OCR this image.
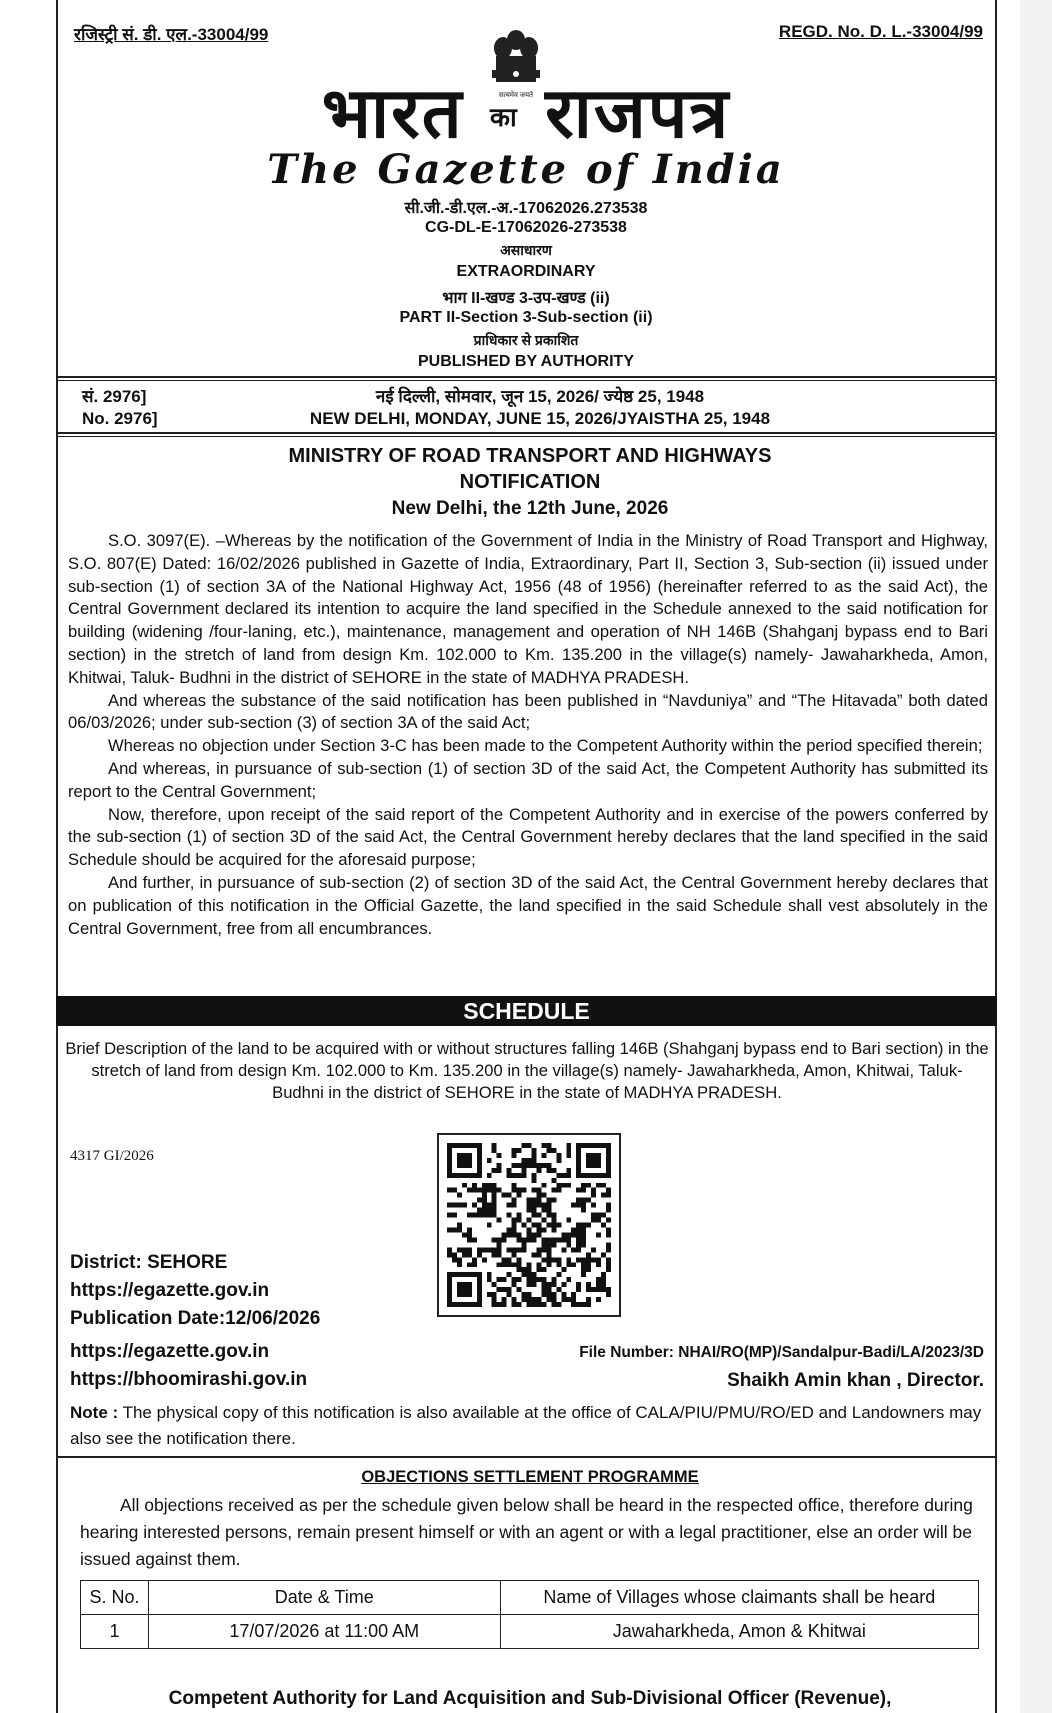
रजिस्ट्री सं. डी. एल.-33004/99	REGD. No. D. L.-33004/99
सत्यमेव जयते
भारत का राजपत्र
The Gazette of India
सी.जी.-डी.एल.-अ.-17062026.273538
CG-DL-E-17062026-273538
असाधारण
EXTRAORDINARY
भाग II-खण्ड 3-उप-खण्ड (ii)
PART II-Section 3-Sub-section (ii)
प्राधिकार से प्रकाशित
PUBLISHED BY AUTHORITY
सं. 2976]
No. 2976]
नई दिल्ली, सोमवार, जून 15, 2026/ ज्येष्ठ 25, 1948
NEW DELHI, MONDAY, JUNE 15, 2026/JYAISTHA 25, 1948
MINISTRY OF ROAD TRANSPORT AND HIGHWAYS
NOTIFICATION
New Delhi, the 12th June, 2026

S.O. 3097(E). –Whereas by the notification of the Government of India in the Ministry of Road Transport and Highway, S.O. 807(E) Dated: 16/02/2026 published in Gazette of India, Extraordinary, Part II, Section 3, Sub-section (ii) issued under sub-section (1) of section 3A of the National Highway Act, 1956 (48 of 1956) (hereinafter referred to as the said Act), the Central Government declared its intention to acquire the land specified in the Schedule annexed to the said notification for building (widening /four-laning, etc.), maintenance, management and operation of NH 146B (Shahganj bypass end to Bari section) in the stretch of land from design Km. 102.000 to Km. 135.200 in the village(s) namely- Jawaharkheda, Amon, Khitwai, Taluk- Budhni in the district of SEHORE in the state of MADHYA PRADESH.

And whereas the substance of the said notification has been published in “Navduniya” and “The Hitavada” both dated 06/03/2026; under sub-section (3) of section 3A of the said Act;

Whereas no objection under Section 3-C has been made to the Competent Authority within the period specified therein;

And whereas, in pursuance of sub-section (1) of section 3D of the said Act, the Competent Authority has submitted its report to the Central Government;

Now, therefore, upon receipt of the said report of the Competent Authority and in exercise of the powers conferred by the sub-section (1) of section 3D of the said Act, the Central Government hereby declares that the land specified in the said Schedule should be acquired for the aforesaid purpose;

And further, in pursuance of sub-section (2) of section 3D of the said Act, the Central Government hereby declares that on publication of this notification in the Official Gazette, the land specified in the said Schedule shall vest absolutely in the Central Government, free from all encumbrances.

SCHEDULE
Brief Description of the land to be acquired with or without structures falling 146B (Shahganj bypass end to Bari section) in the stretch of land from design Km. 102.000 to Km. 135.200 in the village(s) namely- Jawaharkheda, Amon, Khitwai, Taluk- Budhni in the district of SEHORE in the state of MADHYA PRADESH.
4317 GI/2026
District: SEHORE
https://egazette.gov.in
Publication Date:12/06/2026
https://egazette.gov.in
https://bhoomirashi.gov.in
File Number: NHAI/RO(MP)/Sandalpur-Badi/LA/2023/3D
Shaikh Amin khan , Director.
Note : The physical copy of this notification is also available at the office of CALA/PIU/PMU/RO/ED and Landowners may also see the notification there.
OBJECTIONS SETTLEMENT PROGRAMME
All objections received as per the schedule given below shall be heard in the respected office, therefore during hearing interested persons, remain present himself or with an agent or with a legal practitioner, else an order will be issued against them.
S. No.	Date & Time	Name of Villages whose claimants shall be heard
1	17/07/2026 at 11:00 AM	Jawaharkheda, Amon & Khitwai
Competent Authority for Land Acquisition and Sub-Divisional Officer (Revenue),
